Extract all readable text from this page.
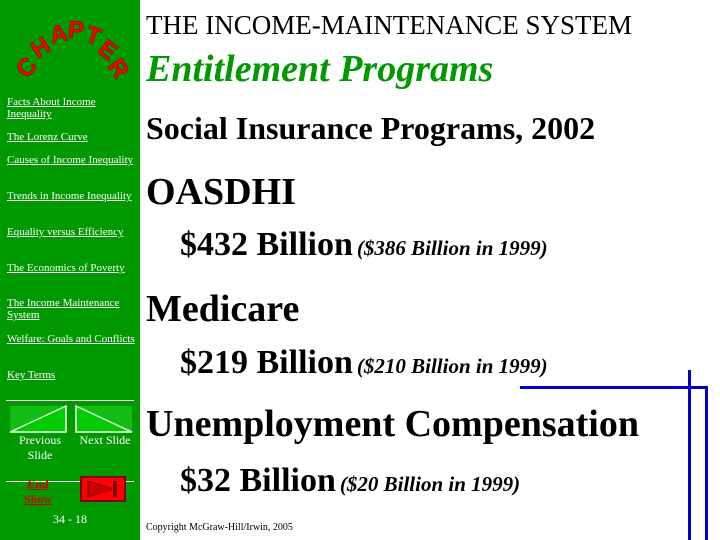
C
H
A
P
T
E
R
Facts About Income Inequality
The Lorenz Curve
Causes of Income Inequality
Trends in Income Inequality
Equality versus Efficiency
The Economics of Poverty
The Income Maintenance System
Welfare: Goals and Conflicts
Key Terms
Previous Slide
Next Slide
End Show
34 - 18
THE INCOME-MAINTENANCE SYSTEM
Entitlement Programs
Social Insurance Programs, 2002
OASDHI
$432 Billion ($386 Billion in 1999)
Medicare
$219 Billion ($210 Billion in 1999)
Unemployment Compensation
$32 Billion ($20 Billion in 1999)
Copyright McGraw-Hill/Irwin, 2005
